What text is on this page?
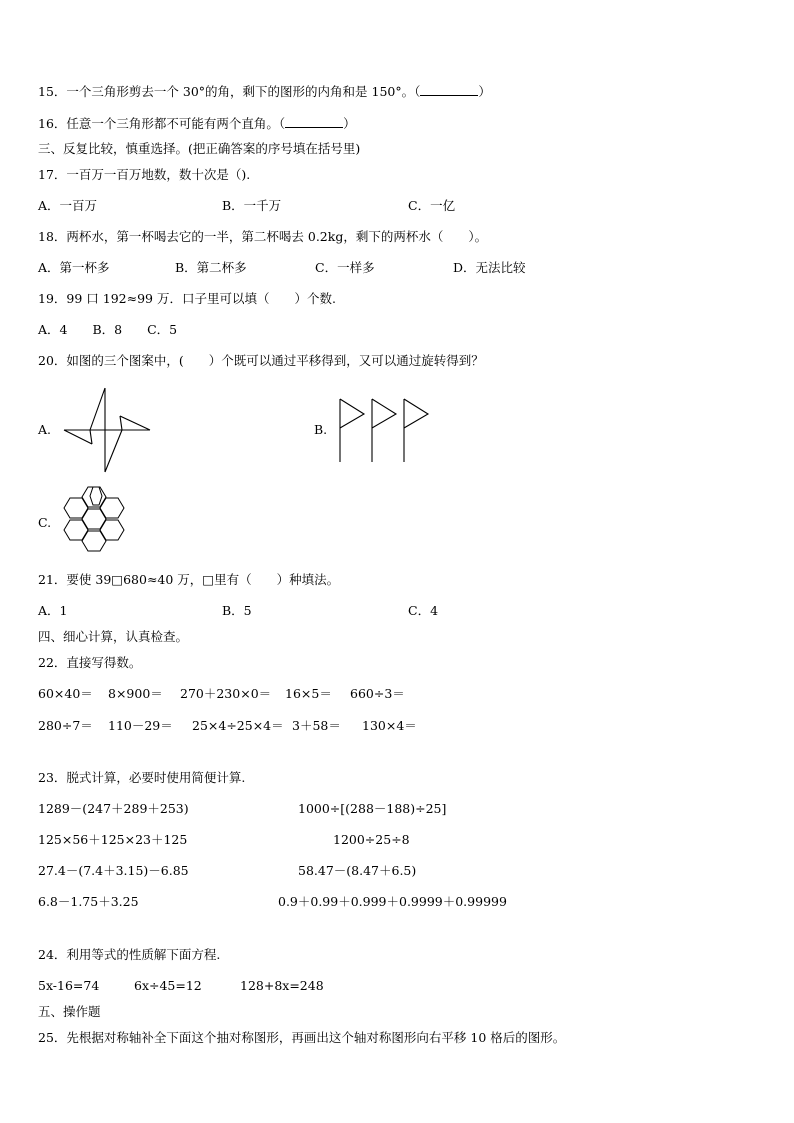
15．一个三角形剪去一个 30°的角，剩下的图形的内角和是 150°。（	）
16．任意一个三角形都不可能有两个直角。（	）
三、反复比较，慎重选择。(把正确答案的序号填在括号里)
17．一百万一百万地数，数十次是（).
A．一百万	B．一千万	C．一亿
18．两杯水，第一杯喝去它的一半，第二杯喝去 0.2kg，剩下的两杯水（　　）。
A．第一杯多	B．第二杯多	C．一样多	D．无法比较
19．99 口 192≈99 万．口子里可以填（　　）个数.
A．4　　B．8　　C．5
20．如图的三个图案中，(　　）个既可以通过平移得到，又可以通过旋转得到？
A.	B.
C.
21．要使 39□680≈40 万，□里有（　　）种填法。
A．1	B．5	C．4
四、细心计算，认真检查。
22．直接写得数。
60×40＝ 8×900＝ 270＋230×0＝ 16×5＝ 660÷3＝
280÷7＝ 110－29＝ 25×4÷25×4＝ 3＋58＝ 130×4＝
23．脱式计算，必要时使用简便计算.
1289－(247＋289＋253)	1000÷[(288－188)÷25]
125×56＋125×23＋125	1200÷25÷8
27.4－(7.4＋3.15)－6.85	58.47－(8.47＋6.5)
6.8－1.75＋3.25	0.9＋0.99＋0.999＋0.9999＋0.99999
24．利用等式的性质解下面方程.
5x-16=74	6x÷45=12	128+8x=248
五、操作题
25．先根据对称轴补全下面这个抽对称图形，再画出这个轴对称图形向右平移 10 格后的图形。
